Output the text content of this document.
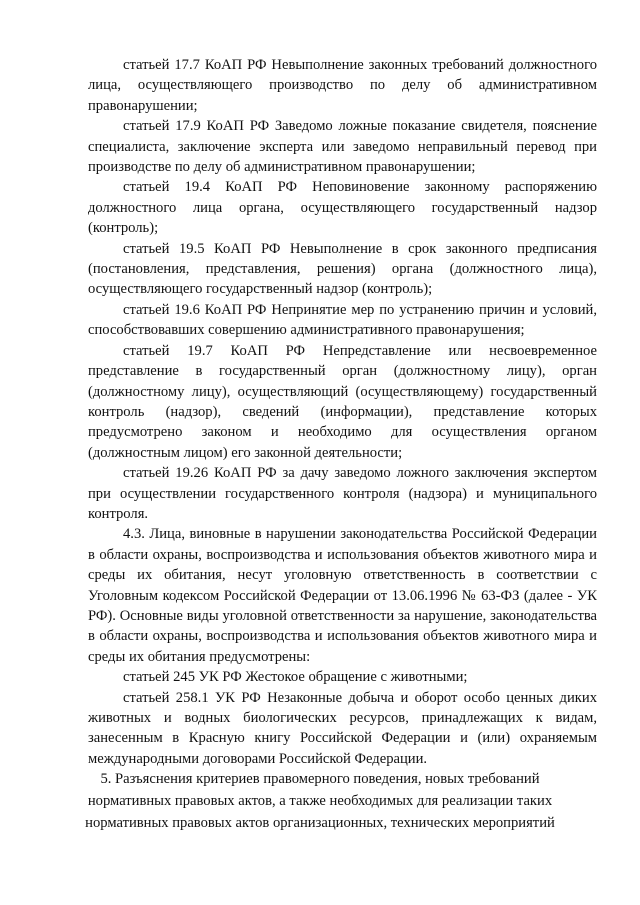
статьей 17.7 КоАП РФ Невыполнение законных требований должностного лица, осуществляющего производство по делу об административном правонарушении;

статьей 17.9 КоАП РФ Заведомо ложные показание свидетеля, пояснение специалиста, заключение эксперта или заведомо неправильный перевод при производстве по делу об административном правонарушении;

статьей 19.4 КоАП РФ Неповиновение законному распоряжению должностного лица органа, осуществляющего государственный надзор (контроль);

статьей 19.5 КоАП РФ Невыполнение в срок законного предписания (постановления, представления, решения) органа (должностного лица), осуществляющего государственный надзор (контроль);

статьей 19.6 КоАП РФ Непринятие мер по устранению причин и условий, способствовавших совершению административного правонарушения;

статьей 19.7 КоАП РФ Непредставление или несвоевременное представление в государственный орган (должностному лицу), орган (должностному лицу), осуществляющий (осуществляющему) государственный контроль (надзор), сведений (информации), представление которых предусмотрено законом и необходимо для осуществления органом (должностным лицом) его законной деятельности;

статьей 19.26 КоАП РФ за дачу заведомо ложного заключения экспертом при осуществлении государственного контроля (надзора) и муниципального контроля.

4.3. Лица, виновные в нарушении законодательства Российской Федерации в области охраны, воспроизводства и использования объектов животного мира и среды их обитания, несут уголовную ответственность в соответствии с Уголовным кодексом Российской Федерации от 13.06.1996 № 63-ФЗ (далее - УК РФ). Основные виды уголовной ответственности за нарушение, законодательства в области охраны, воспроизводства и использования объектов животного мира и среды их обитания предусмотрены:

статьей 245 УК РФ Жестокое обращение с животными;

статьей 258.1 УК РФ Незаконные добыча и оборот особо ценных диких животных и водных биологических ресурсов, принадлежащих к видам, занесенным в Красную книгу Российской Федерации и (или) охраняемым международными договорами Российской Федерации.

5. Разъяснения критериев правомерного поведения, новых требований нормативных правовых актов, а также необходимых для реализации таких нормативных правовых актов организационных, технических мероприятий
